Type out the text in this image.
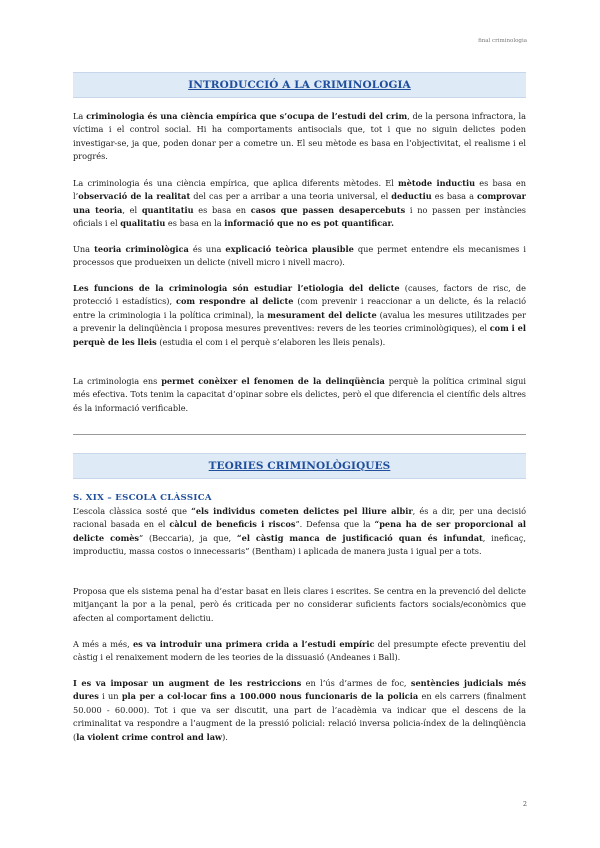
final criminologia
INTRODUCCIÓ A LA CRIMINOLOGIA
La criminologia és una ciència empírica que s’ocupa de l’estudi del crim, de la persona infractora, la víctima i el control social. Hi ha comportaments antisocials que, tot i que no siguin delictes poden investigar-se, ja que, poden donar per a cometre un. El seu mètode es basa en l’objectivitat, el realisme i el progrés.
La criminologia és una ciència empírica, que aplica diferents mètodes. El mètode inductiu es basa en l’observació de la realitat del cas per a arribar a una teoria universal, el deductiu es basa a comprovar una teoria, el quantitatiu es basa en casos que passen desapercebuts i no passen per instàncies oficials i el qualitatiu es basa en la informació que no es pot quantificar.
Una teoria criminològica és una explicació teòrica plausible que permet entendre els mecanismes i processos que produeixen un delicte (nivell micro i nivell macro).
Les funcions de la criminologia són estudiar l’etiologia del delicte (causes, factors de risc, de protecció i estadístics), com respondre al delicte (com prevenir i reaccionar a un delicte, és la relació entre la criminologia i la política criminal), la mesurament del delicte (avalua les mesures utilitzades per a prevenir la delinqüència i proposa mesures preventives: revers de les teories criminològiques), el com i el perquè de les lleis (estudia el com i el perquè s’elaboren les lleis penals).
La criminologia ens permet conèixer el fenomen de la delinqüència perquè la política criminal sigui més efectiva. Tots tenim la capacitat d’opinar sobre els delictes, però el que diferencia el científic dels altres és la informació verificable.
TEORIES CRIMINOLÒGIQUES
S. XIX – ESCOLA CLÀSSICA
L’escola clàssica sosté que “els individus cometen delictes pel lliure albir, és a dir, per una decisió racional basada en el càlcul de beneficis i riscos”. Defensa que la “pena ha de ser proporcional al delicte comès” (Beccaria), ja que, “el càstig manca de justificació quan és infundat, ineficaç, improductiu, massa costos o innecessaris” (Bentham) i aplicada de manera justa i igual per a tots.
Proposa que els sistema penal ha d’estar basat en lleis clares i escrites. Se centra en la prevenció del delicte mitjançant la por a la penal, però és criticada per no considerar suficients factors socials/econòmics que afecten al comportament delictiu.
A més a més, es va introduir una primera crida a l’estudi empíric del presumpte efecte preventiu del càstig i el renaixement modern de les teories de la dissuasió (Andeanes i Ball).
I es va imposar un augment de les restriccions en l’ús d’armes de foc, sentències judicials més dures i un pla per a col·locar fins a 100.000 nous funcionaris de la policia en els carrers (finalment 50.000 - 60.000). Tot i que va ser discutit, una part de l’acadèmia va indicar que el descens de la criminalitat va respondre a l’augment de la pressió policial: relació inversa policia-índex de la delinqüència (la violent crime control and law).
2
